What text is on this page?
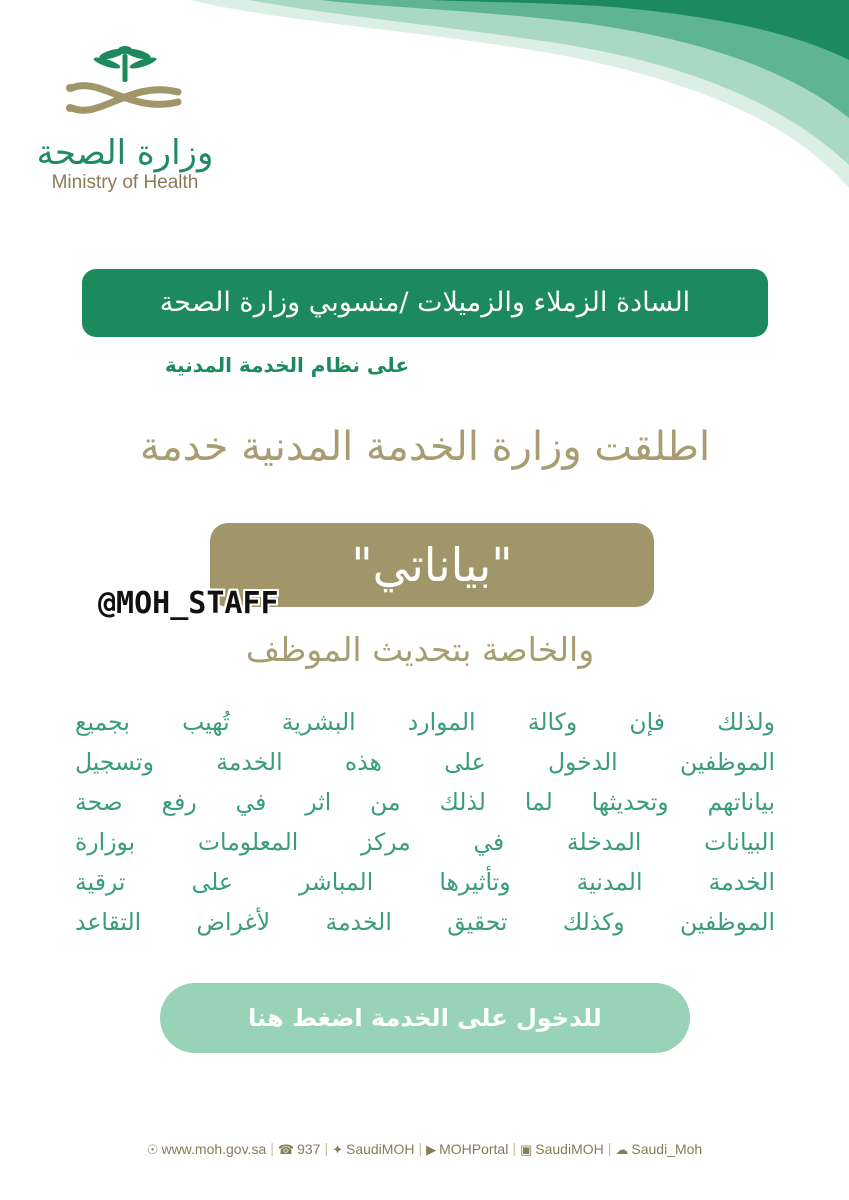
وزارة الصحة
Ministry of Health
السادة الزملاء والزميلات /منسوبي وزارة الصحة
على نظام الخدمة المدنية
اطلقت وزارة الخدمة المدنية خدمة
"بياناتي"
@MOH_STAFF
والخاصة بتحديث الموظف
ولذلك فإن وكالة الموارد البشرية تُهيب بجميع
الموظفين الدخول على هذه الخدمة وتسجيل
بياناتهم وتحديثها لما لذلك من اثر في رفع صحة
البيانات المدخلة في مركز المعلومات بوزارة
الخدمة المدنية وتأثيرها المباشر على ترقية
الموظفين وكذلك تحقيق الخدمة لأغراض التقاعد
للدخول على الخدمة اضغط هنا
☉ www.moh.gov.sa | ☎ 937 | ✦ SaudiMOH | ▶ MOHPortal | ▣ SaudiMOH | ☁ Saudi_Moh
